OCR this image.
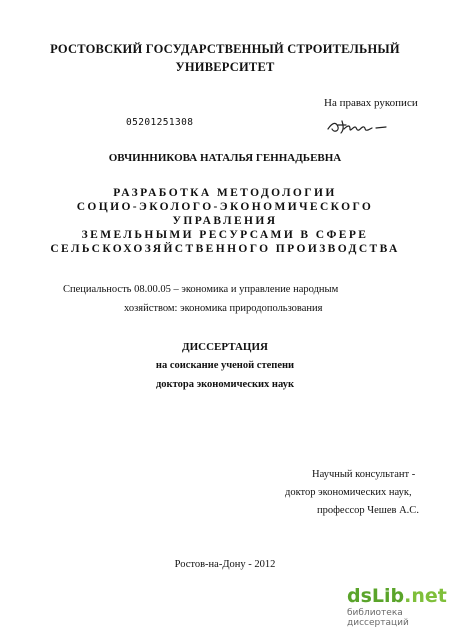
РОСТОВСКИЙ ГОСУДАРСТВЕННЫЙ СТРОИТЕЛЬНЫЙ
УНИВЕРСИТЕТ
На правах рукописи
05201251308
ОВЧИННИКОВА НАТАЛЬЯ ГЕННАДЬЕВНА
РАЗРАБОТКА МЕТОДОЛОГИИ
СОЦИО-ЭКОЛОГО-ЭКОНОМИЧЕСКОГО
УПРАВЛЕНИЯ
ЗЕМЕЛЬНЫМИ РЕСУРСАМИ В СФЕРЕ
СЕЛЬСКОХОЗЯЙСТВЕННОГО ПРОИЗВОДСТВА
Специальность 08.00.05 – экономика и управление народным
хозяйством: экономика природопользования
ДИССЕРТАЦИЯ
на соискание ученой степени
доктора экономических наук
Научный консультант -
доктор экономических наук,
профессор Чешев А.С.
Ростов-на-Дону - 2012
dsLib.net
библиотека диссертаций
